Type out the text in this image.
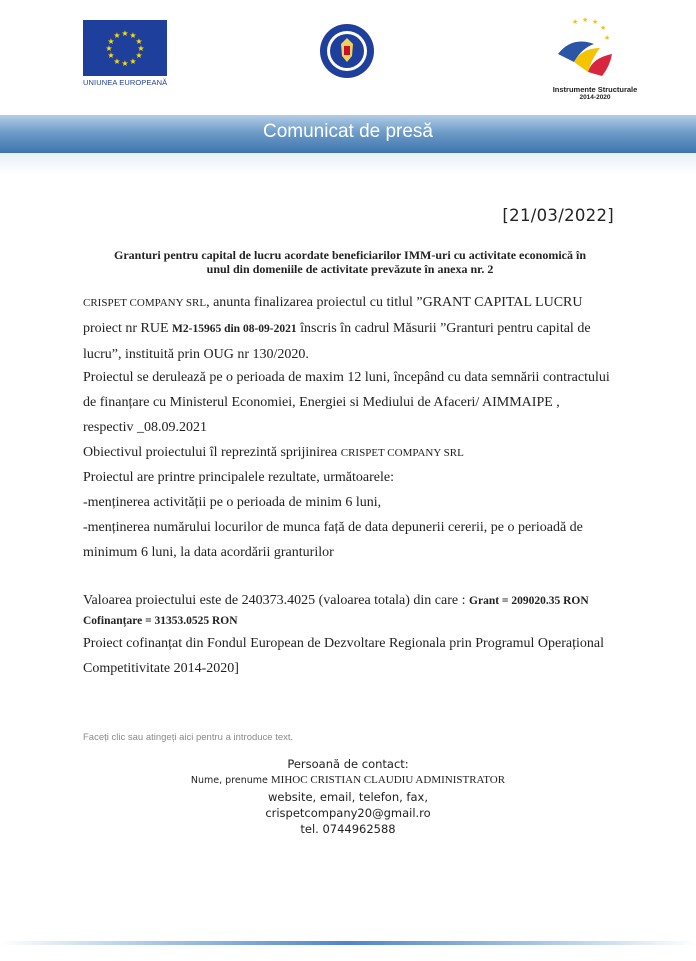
★ ★
★
★
★
★
★
★
★
★
★
★
UNIUNEA EUROPEANĂ
★ ★ ★
★
★
Instrumente Structurale
2014-2020
Comunicat de presă
[21/03/2022]
Granturi pentru capital de lucru acordate beneficiarilor IMM-uri cu activitate economică în
unul din domeniile de activitate prevăzute în anexa nr. 2
CRISPET COMPANY SRL, anunta finalizarea proiectul cu titlul ”GRANT CAPITAL LUCRU
proiect nr RUE M2-15965 din 08-09-2021 înscris în cadrul Măsurii ”Granturi pentru capital de
lucru”, instituită prin OUG nr 130/2020.
Proiectul se derulează pe o perioada de maxim 12 luni, începând cu data semnării contractului
de finanțare cu Ministerul Economiei, Energiei si Mediului de Afaceri/ AIMMAIPE ,
respectiv _08.09.2021
Obiectivul proiectului îl reprezintă sprijinirea CRISPET COMPANY SRL
Proiectul are printre principalele rezultate, următoarele:
-menținerea activității pe o perioada de minim 6 luni,
-menținerea numărului locurilor de munca față de data depunerii cererii, pe o perioadă de
minimum 6 luni, la data acordării granturilor
Valoarea proiectului este de 240373.4025 (valoarea totala) din care : Grant = 209020.35 RON
Cofinanțare = 31353.0525 RON
Proiect cofinanțat din Fondul European de Dezvoltare Regionala prin Programul Operațional
Competitivitate 2014-2020]
Faceți clic sau atingeți aici pentru a introduce text.
Persoană de contact:
Nume, prenume MIHOC CRISTIAN CLAUDIU ADMINISTRATOR
website, email, telefon, fax,
crispetcompany20@gmail.ro
tel. 0744962588
